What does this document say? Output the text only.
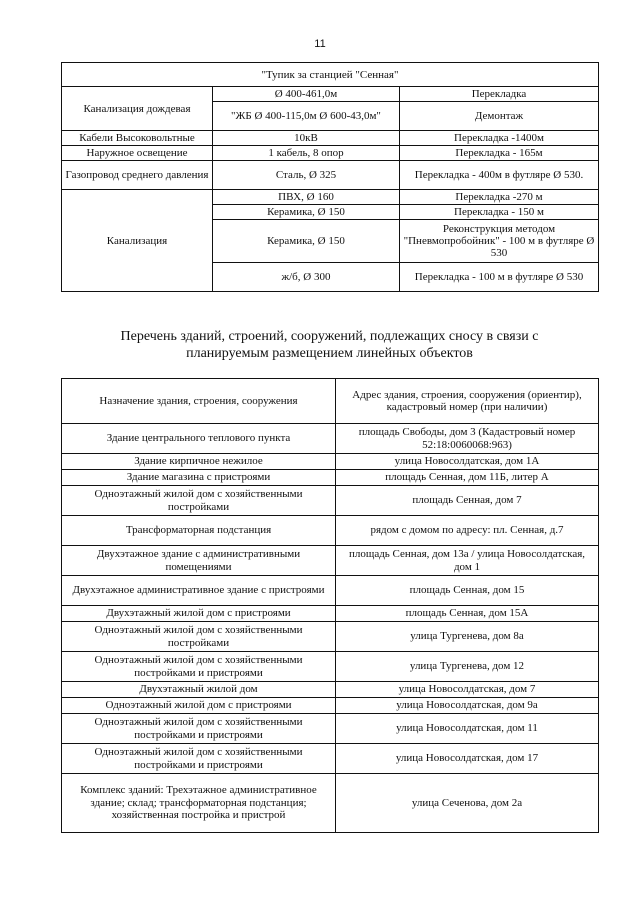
11
"Тупик за станцией "Сенная"		
Канализация дождевая	Ø 400-461,0м	Перекладка
	"ЖБ Ø 400-115,0м Ø 600-43,0м"	Демонтаж
Кабели Высоковольтные	10кВ	Перекладка -1400м
Наружное освещение	1 кабель, 8 опор	Перекладка - 165м
Газопровод среднего давления	Сталь, Ø 325	Перекладка - 400м в футляре Ø 530.
Канализация	ПВХ, Ø 160	Перекладка -270 м
	Керамика, Ø 150	Перекладка - 150 м
	Керамика, Ø 150	Реконструкция методом "Пневмопробойник" - 100 м в футляре Ø 530
	ж/б, Ø 300	Перекладка - 100 м в футляре Ø 530
Перечень зданий, строений, сооружений, подлежащих сносу в связи с
планируемым размещением линейных объектов
Назначение здания, строения, сооружения	Адрес здания, строения, сооружения (ориентир), кадастровый номер (при наличии)
Здание центрального теплового пункта	площадь Свободы, дом 3 (Кадастровый номер 52:18:0060068:963)
Здание кирпичное нежилое	улица Новосолдатская, дом 1А
Здание магазина с пристроями	площадь Сенная, дом 11Б, литер А
Одноэтажный жилой дом с хозяйственными постройками	площадь Сенная, дом 7
Трансформаторная подстанция	рядом с домом по адресу: пл. Сенная, д.7
Двухэтажное здание с административными помещениями	площадь Сенная, дом 13а / улица Новосолдатская, дом 1
Двухэтажное административное здание с пристроями	площадь Сенная, дом 15
Двухэтажный жилой дом с пристроями	площадь Сенная, дом 15А
Одноэтажный жилой дом с хозяйственными постройками	улица Тургенева, дом 8а
Одноэтажный жилой дом с хозяйственными постройками и пристроями	улица Тургенева, дом 12
Двухэтажный жилой дом	улица Новосолдатская, дом 7
Одноэтажный жилой дом с пристроями	улица Новосолдатская, дом 9а
Одноэтажный жилой дом с хозяйственными постройками и пристроями	улица Новосолдатская, дом 11
Одноэтажный жилой дом с хозяйственными постройками и пристроями	улица Новосолдатская, дом 17
Комплекс зданий: Трехэтажное административное здание; склад; трансформаторная подстанция; хозяйственная постройка и пристрой	улица Сеченова, дом 2а
